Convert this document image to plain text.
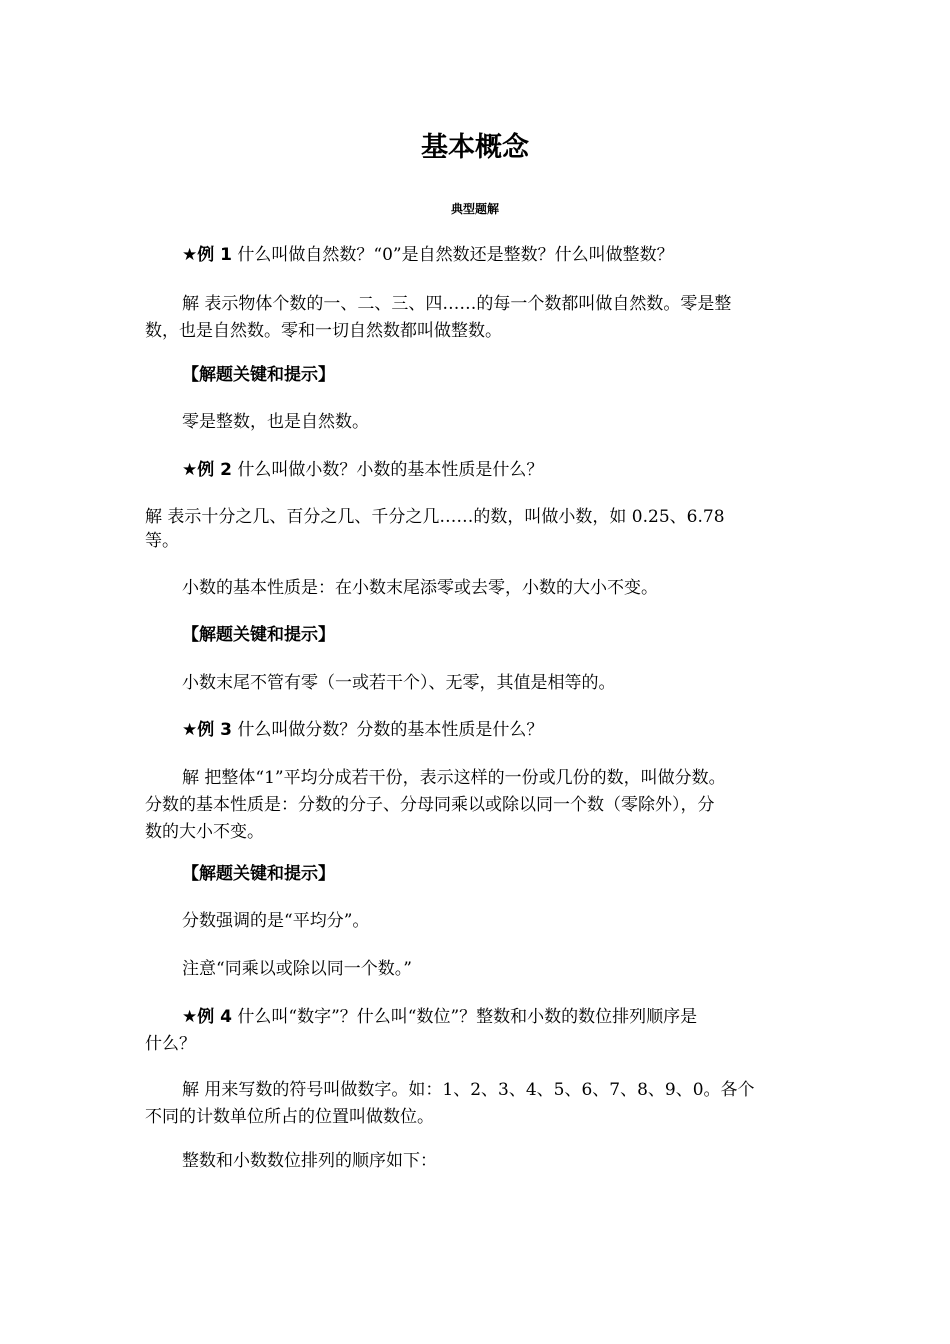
基本概念
典型题解

★例 1 什么叫做自然数？“0”是自然数还是整数？什么叫做整数？

解 表示物体个数的一、二、三、四……的每一个数都叫做自然数。零是整
数，也是自然数。零和一切自然数都叫做整数。

【解题关键和提示】

零是整数，也是自然数。

★例 2 什么叫做小数？小数的基本性质是什么？

解 表示十分之几、百分之几、千分之几……的数，叫做小数，如 0.25、6.78
等。

小数的基本性质是：在小数末尾添零或去零，小数的大小不变。

【解题关键和提示】

小数末尾不管有零（一或若干个）、无零，其值是相等的。

★例 3 什么叫做分数？分数的基本性质是什么？

解 把整体“1”平均分成若干份，表示这样的一份或几份的数，叫做分数。
分数的基本性质是：分数的分子、分母同乘以或除以同一个数（零除外），分
数的大小不变。

【解题关键和提示】

分数强调的是“平均分”。

注意“同乘以或除以同一个数。”

★例 4 什么叫“数字”？什么叫“数位”？整数和小数的数位排列顺序是
什么？

解 用来写数的符号叫做数字。如：1、2、3、4、5、6、7、8、9、0。各个
不同的计数单位所占的位置叫做数位。

整数和小数数位排列的顺序如下：
